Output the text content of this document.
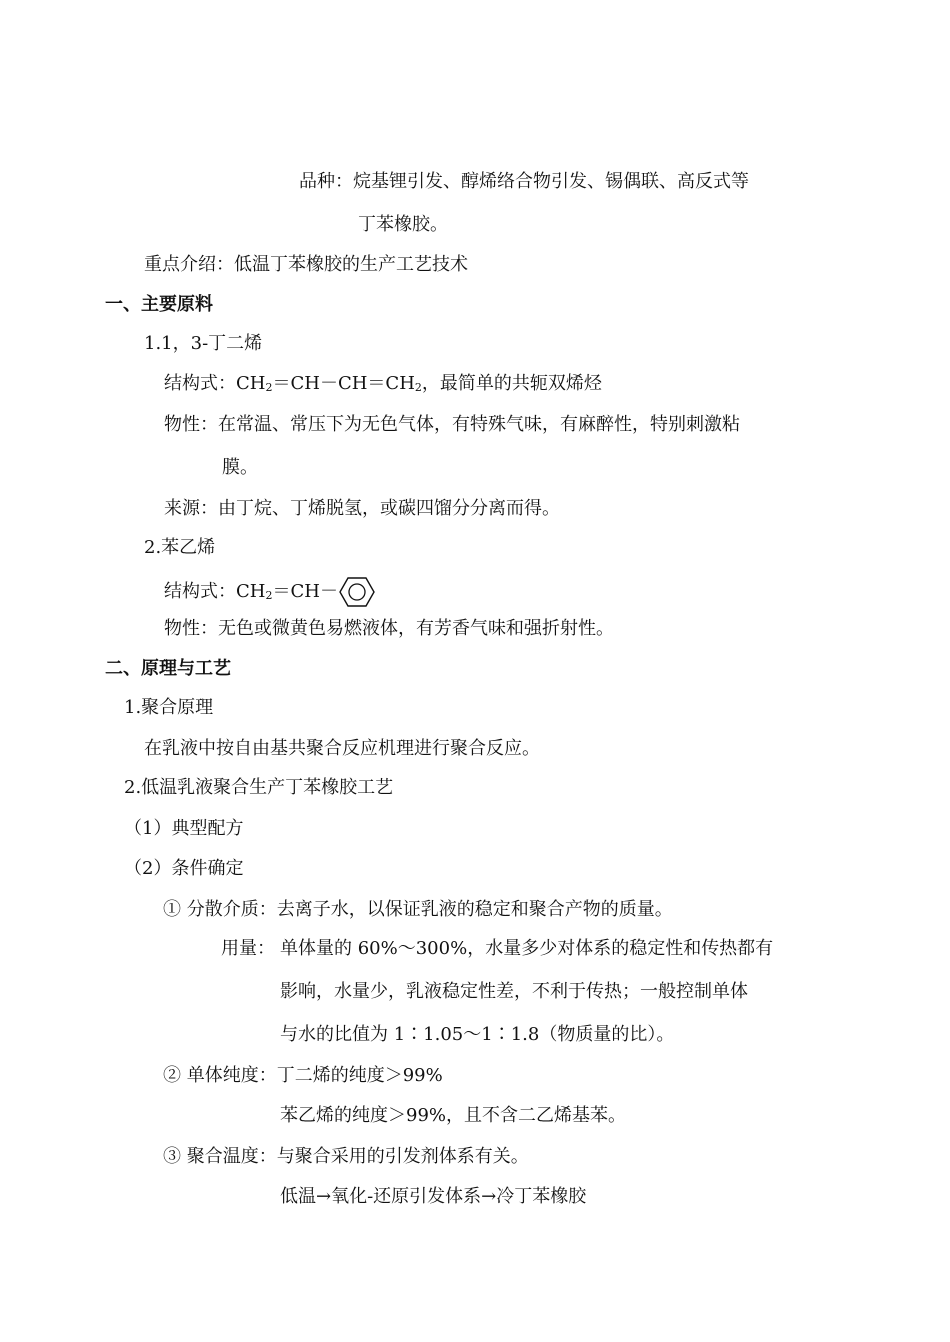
品种：烷基锂引发、醇烯络合物引发、锡偶联、高反式等
丁苯橡胶。
重点介绍：低温丁苯橡胶的生产工艺技术
一、主要原料
1.1，3-丁二烯
结构式：$CH_2=CH-CH=CH_2$，最简单的共轭双烯烃
物性：在常温、常压下为无色气体，有特殊气味，有麻醉性，特别刺激粘
膜。
来源：由丁烷、丁烯脱氢，或碳四馏分分离而得。
2.苯乙烯
结构式：$CH_2=CH-$
物性：无色或微黄色易燃液体，有芳香气味和强折射性。
二、原理与工艺
1.聚合原理
在乳液中按自由基共聚合反应机理进行聚合反应。
2.低温乳液聚合生产丁苯橡胶工艺
（1）典型配方
（2）条件确定
① 分散介质：去离子水，以保证乳液的稳定和聚合产物的质量。
用量： 单体量的 60%～300%，水量多少对体系的稳定性和传热都有
影响，水量少，乳液稳定性差，不利于传热；一般控制单体
与水的比值为 1∶1.05～1∶1.8（物质量的比）。
② 单体纯度：丁二烯的纯度＞99%
苯乙烯的纯度＞99%，且不含二乙烯基苯。
③ 聚合温度：与聚合采用的引发剂体系有关。
低温→氧化-还原引发体系→冷丁苯橡胶
